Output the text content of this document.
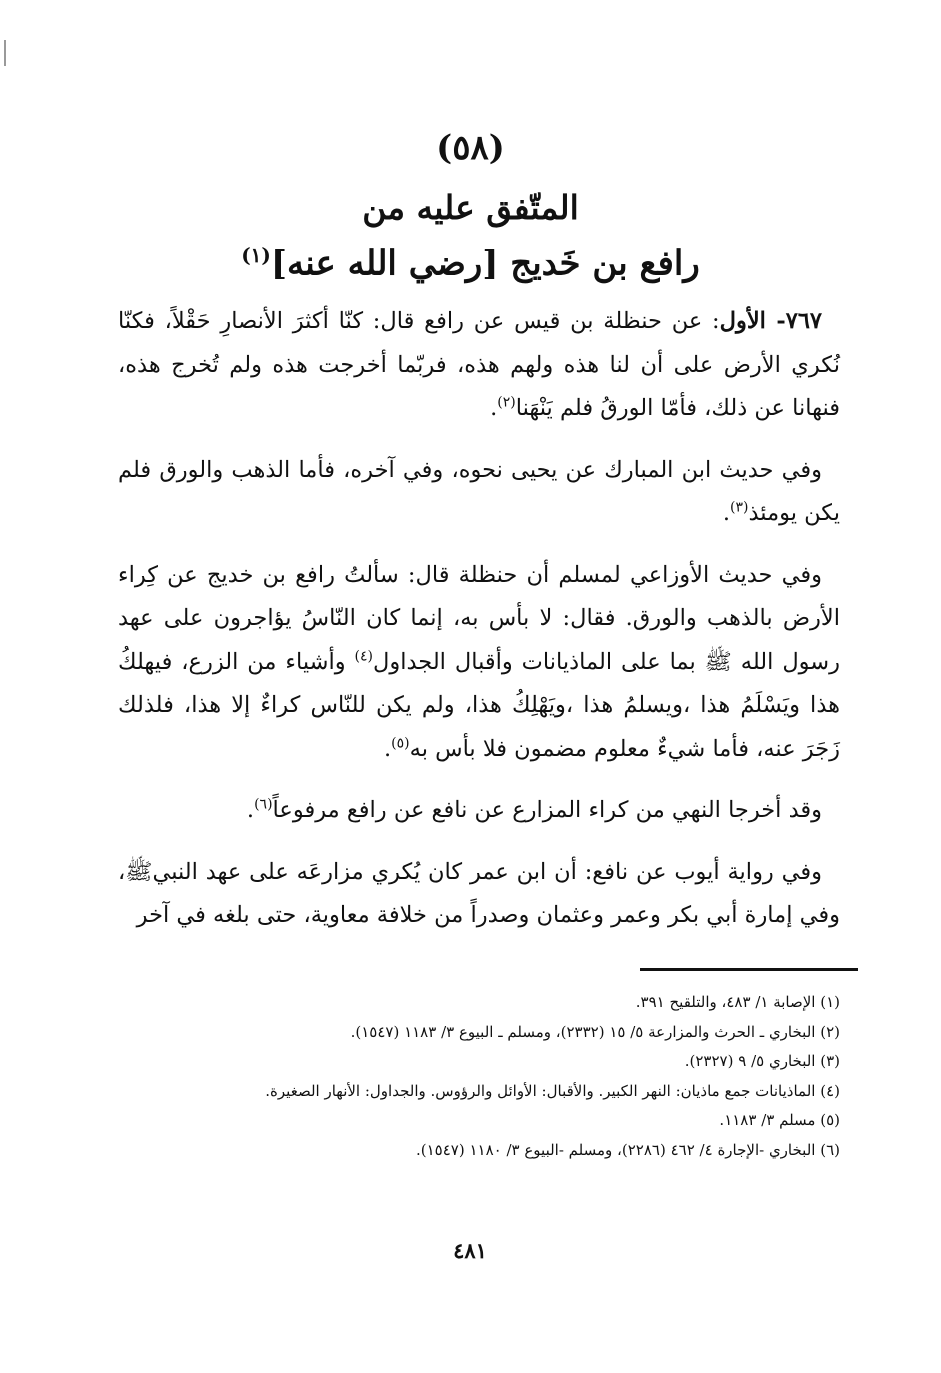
(٥٨)
المتّفق عليه من
رافع بن خَديج [رضي الله عنه]$^{(١)}$

٧٦٧- الأول: عن حنظلة بن قيس عن رافع قال: كنّا أكثرَ الأنصارِ حَقْلاً، فكنّا نُكري الأرض على أن لنا هذه ولهم هذه، فربّما أخرجت هذه ولم تُخرج هذه، فنهانا عن ذلك، فأمّا الورقُ فلم يَنْهَنا$^{(٢)}$.

وفي حديث ابن المبارك عن يحيى نحوه، وفي آخره، فأما الذهب والورق فلم يكن يومئذ$^{(٣)}$.

وفي حديث الأوزاعي لمسلم أن حنظلة قال: سألتُ رافع بن خديج عن كِراء الأرض بالذهب والورق. فقال: لا بأس به، إنما كان النّاسُ يؤاجرون على عهد رسول الله ﷺ بما على الماذيانات وأقبال الجداول$^{(٤)}$ وأشياء من الزرع، فيهلكُ هذا ويَسْلَمُ هذا ،ويسلمُ هذا ،ويَهْلِكُ هذا، ولم يكن للنّاس كراءٌ إلا هذا، فلذلك زَجَرَ عنه، فأما شيءٌ معلوم مضمون فلا بأس به$^{(٥)}$.

وقد أخرجا النهي من كراء المزارع عن نافع عن رافع مرفوعاً$^{(٦)}$.

وفي رواية أيوب عن نافع: أن ابن عمر كان يُكري مزارعَه على عهد النبيﷺ، وفي إمارة أبي بكر وعمر وعثمان وصدراً من خلافة معاوية، حتى بلغه في آخر

(١) الإصابة ١/ ٤٨٣، والتلقيح ٣٩١.
(٢) البخاري ـ الحرث والمزارعة ٥/ ١٥ (٢٣٣٢)، ومسلم ـ البيوع ٣/ ١١٨٣ (١٥٤٧).
(٣) البخاري ٥/ ٩ (٢٣٢٧).
(٤) الماذيانات جمع ماذيان: النهر الكبير. والأقبال: الأوائل والرؤوس. والجداول: الأنهار الصغيرة.
(٥) مسلم ٣/ ١١٨٣.
(٦) البخاري -الإجارة ٤/ ٤٦٢ (٢٢٨٦)، ومسلم -البيوع ٣/ ١١٨٠ (١٥٤٧).
٤٨١
